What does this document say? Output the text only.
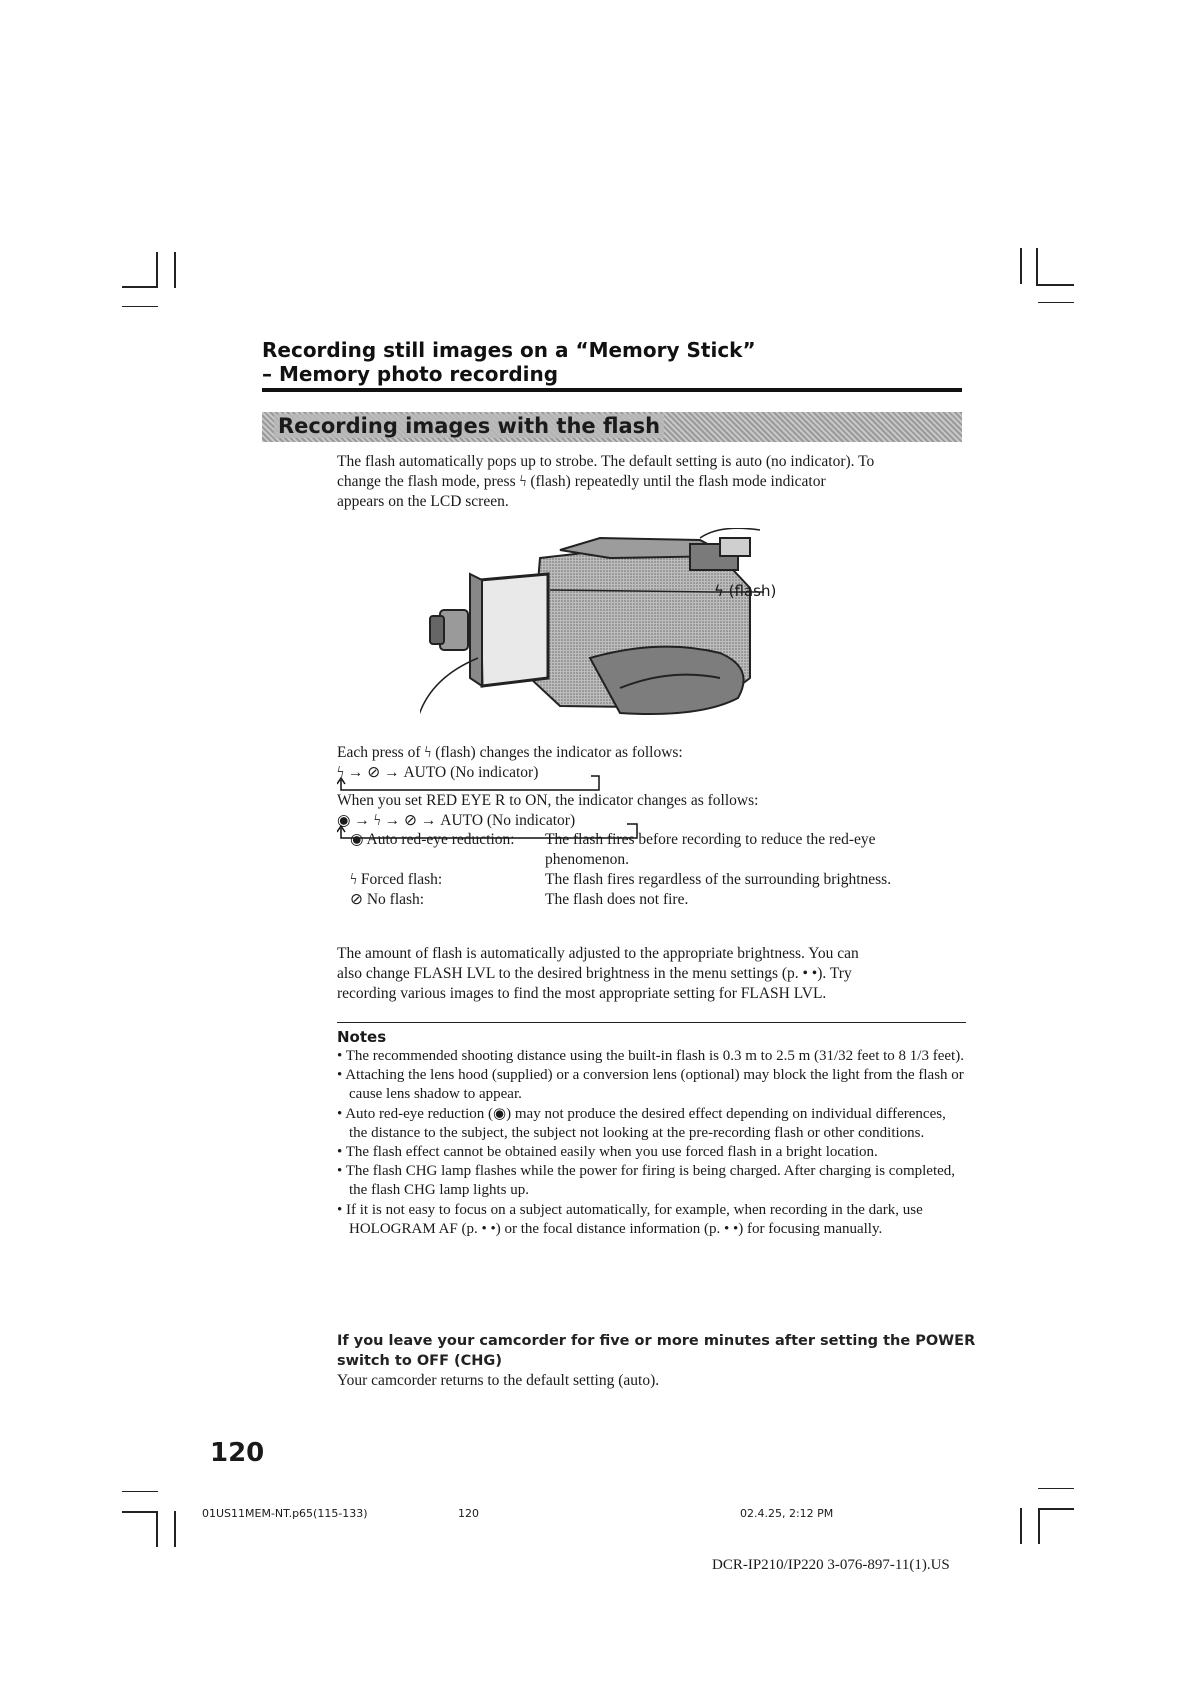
Recording still images on a “Memory Stick”
– Memory photo recording
Recording images with the flash
The flash automatically pops up to strobe. The default setting is auto (no indicator). To
change the flash mode, press ϟ (flash) repeatedly until the flash mode indicator
appears on the LCD screen.
ϟ (flash)
Each press of ϟ (flash) changes the indicator as follows:
ϟ → ⊘ → AUTO (No indicator)
When you set RED EYE R to ON, the indicator changes as follows:
◉ → ϟ → ⊘ → AUTO (No indicator)
◉ Auto red-eye reduction:	The flash fires before recording to reduce the red-eye
phenomenon.
ϟ Forced flash:	The flash fires regardless of the surrounding brightness.
⊘ No flash:	The flash does not fire.
The amount of flash is automatically adjusted to the appropriate brightness. You can
also change FLASH LVL to the desired brightness in the menu settings (p. • •). Try
recording various images to find the most appropriate setting for FLASH LVL.
Notes
• The recommended shooting distance using the built-in flash is 0.3 m to 2.5 m (31/32 feet to 8 1/3 feet).
• Attaching the lens hood (supplied) or a conversion lens (optional) may block the light from the flash or cause lens shadow to appear.
• Auto red-eye reduction (◉) may not produce the desired effect depending on individual differences, the distance to the subject, the subject not looking at the pre-recording flash or other conditions.
• The flash effect cannot be obtained easily when you use forced flash in a bright location.
• The flash CHG lamp flashes while the power for firing is being charged. After charging is completed, the flash CHG lamp lights up.
• If it is not easy to focus on a subject automatically, for example, when recording in the dark, use HOLOGRAM AF (p. • •) or the focal distance information (p. • •) for focusing manually.
If you leave your camcorder for five or more minutes after setting the POWER
switch to OFF (CHG)
Your camcorder returns to the default setting (auto).
120
01US11MEM-NT.p65(115-133)	120	02.4.25, 2:12 PM
DCR-IP210/IP220 3-076-897-11(1).US
